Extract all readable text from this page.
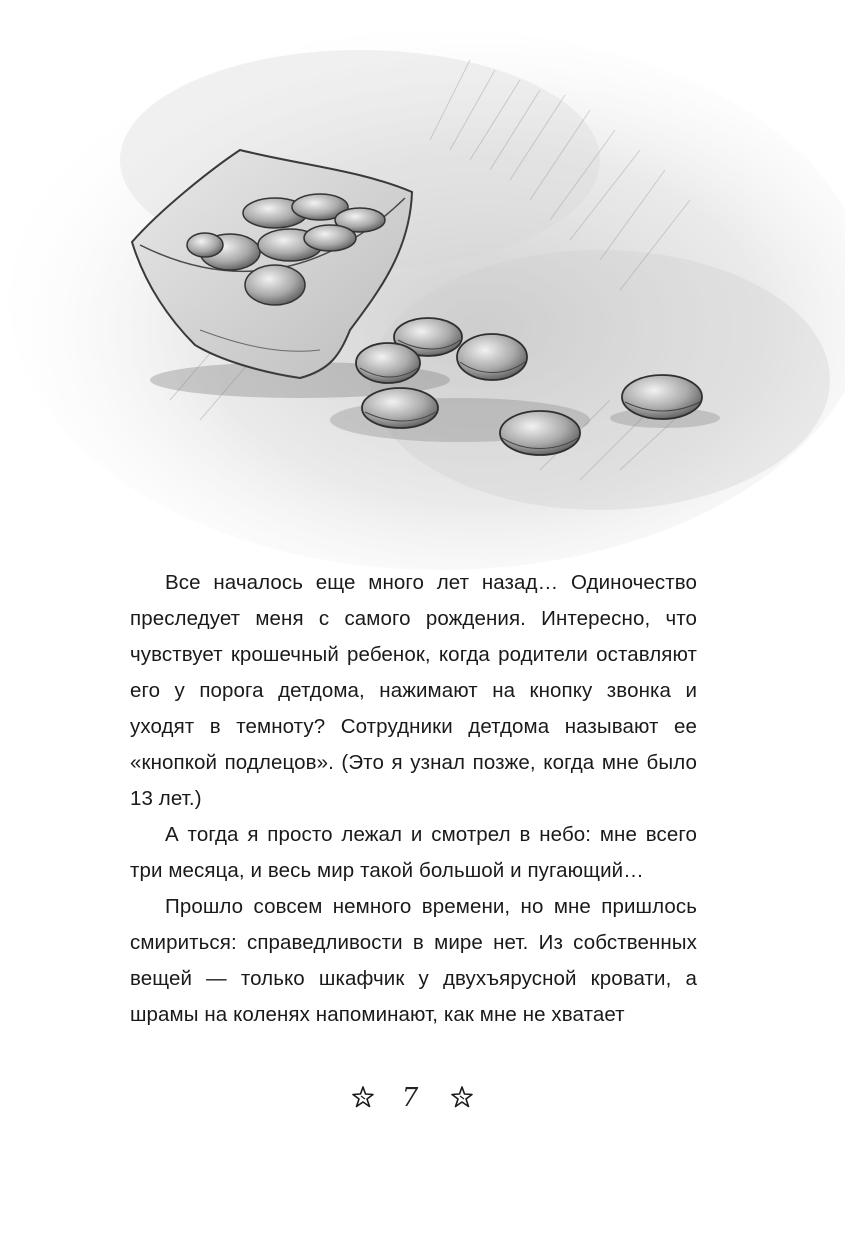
Все началось еще много лет назад… Одиночество преследует меня с самого рождения. Интересно, что чувствует крошечный ребенок, когда родители оставляют его у порога детдома, нажимают на кнопку звонка и уходят в темноту? Сотрудники детдома называют ее «кнопкой подлецов». (Это я узнал позже, когда мне было 13 лет.)

А тогда я просто лежал и смотрел в небо: мне всего три месяца, и весь мир такой большой и пугающий…

Прошло совсем немного времени, но мне пришлось смириться: справедливости в мире нет. Из собственных вещей — только шкафчик у двухъярусной кровати, а шрамы на коленях напоминают, как мне не хватает

7
